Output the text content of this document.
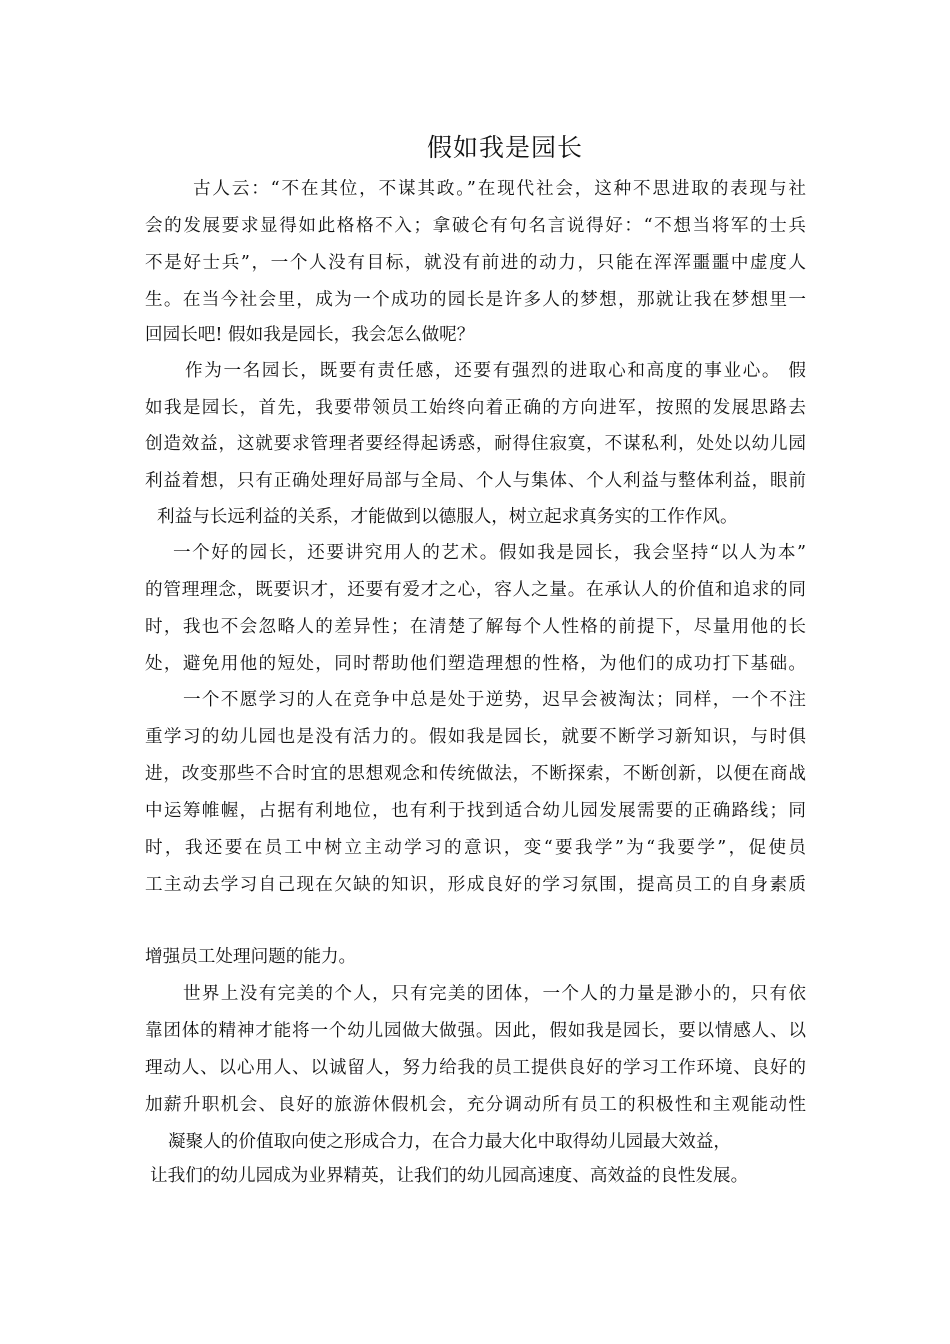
假如我是园长
古人云：“不在其位，不谋其政。”在现代社会，这种不思进取的表现与社
会的发展要求显得如此格格不入；拿破仑有句名言说得好：“不想当将军的士兵
不是好士兵”，一个人没有目标，就没有前进的动力，只能在浑浑噩噩中虚度人
生。在当今社会里，成为一个成功的园长是许多人的梦想，那就让我在梦想里一
回园长吧! 假如我是园长，我会怎么做呢？
作为一名园长，既要有责任感，还要有强烈的进取心和高度的事业心。 假
如我是园长，首先，我要带领员工始终向着正确的方向进军，按照的发展思路去
创造效益，这就要求管理者要经得起诱惑，耐得住寂寞，不谋私利，处处以幼儿园
利益着想，只有正确处理好局部与全局、个人与集体、个人利益与整体利益，眼前
利益与长远利益的关系，才能做到以德服人，树立起求真务实的工作作风。
一个好的园长，还要讲究用人的艺术。假如我是园长，我会坚持“以人为本”
的管理理念，既要识才，还要有爱才之心，容人之量。在承认人的价值和追求的同
时，我也不会忽略人的差异性；在清楚了解每个人性格的前提下，尽量用他的长
处，避免用他的短处，同时帮助他们塑造理想的性格，为他们的成功打下基础。
一个不愿学习的人在竞争中总是处于逆势，迟早会被淘汰；同样，一个不注
重学习的幼儿园也是没有活力的。假如我是园长，就要不断学习新知识，与时俱
进，改变那些不合时宜的思想观念和传统做法，不断探索，不断创新，以便在商战
中运筹帷幄，占据有利地位，也有利于找到适合幼儿园发展需要的正确路线；同
时，我还要在员工中树立主动学习的意识，变“要我学”为“我要学”，促使员
工主动去学习自己现在欠缺的知识，形成良好的学习氛围，提高员工的自身素质
增强员工处理问题的能力。
世界上没有完美的个人，只有完美的团体，一个人的力量是渺小的，只有依
靠团体的精神才能将一个幼儿园做大做强。因此，假如我是园长，要以情感人、以
理动人、以心用人、以诚留人，努力给我的员工提供良好的学习工作环境、良好的
加薪升职机会、良好的旅游休假机会，充分调动所有员工的积极性和主观能动性
凝聚人的价值取向使之形成合力，在合力最大化中取得幼儿园最大效益，
让我们的幼儿园成为业界精英，让我们的幼儿园高速度、高效益的良性发展。
